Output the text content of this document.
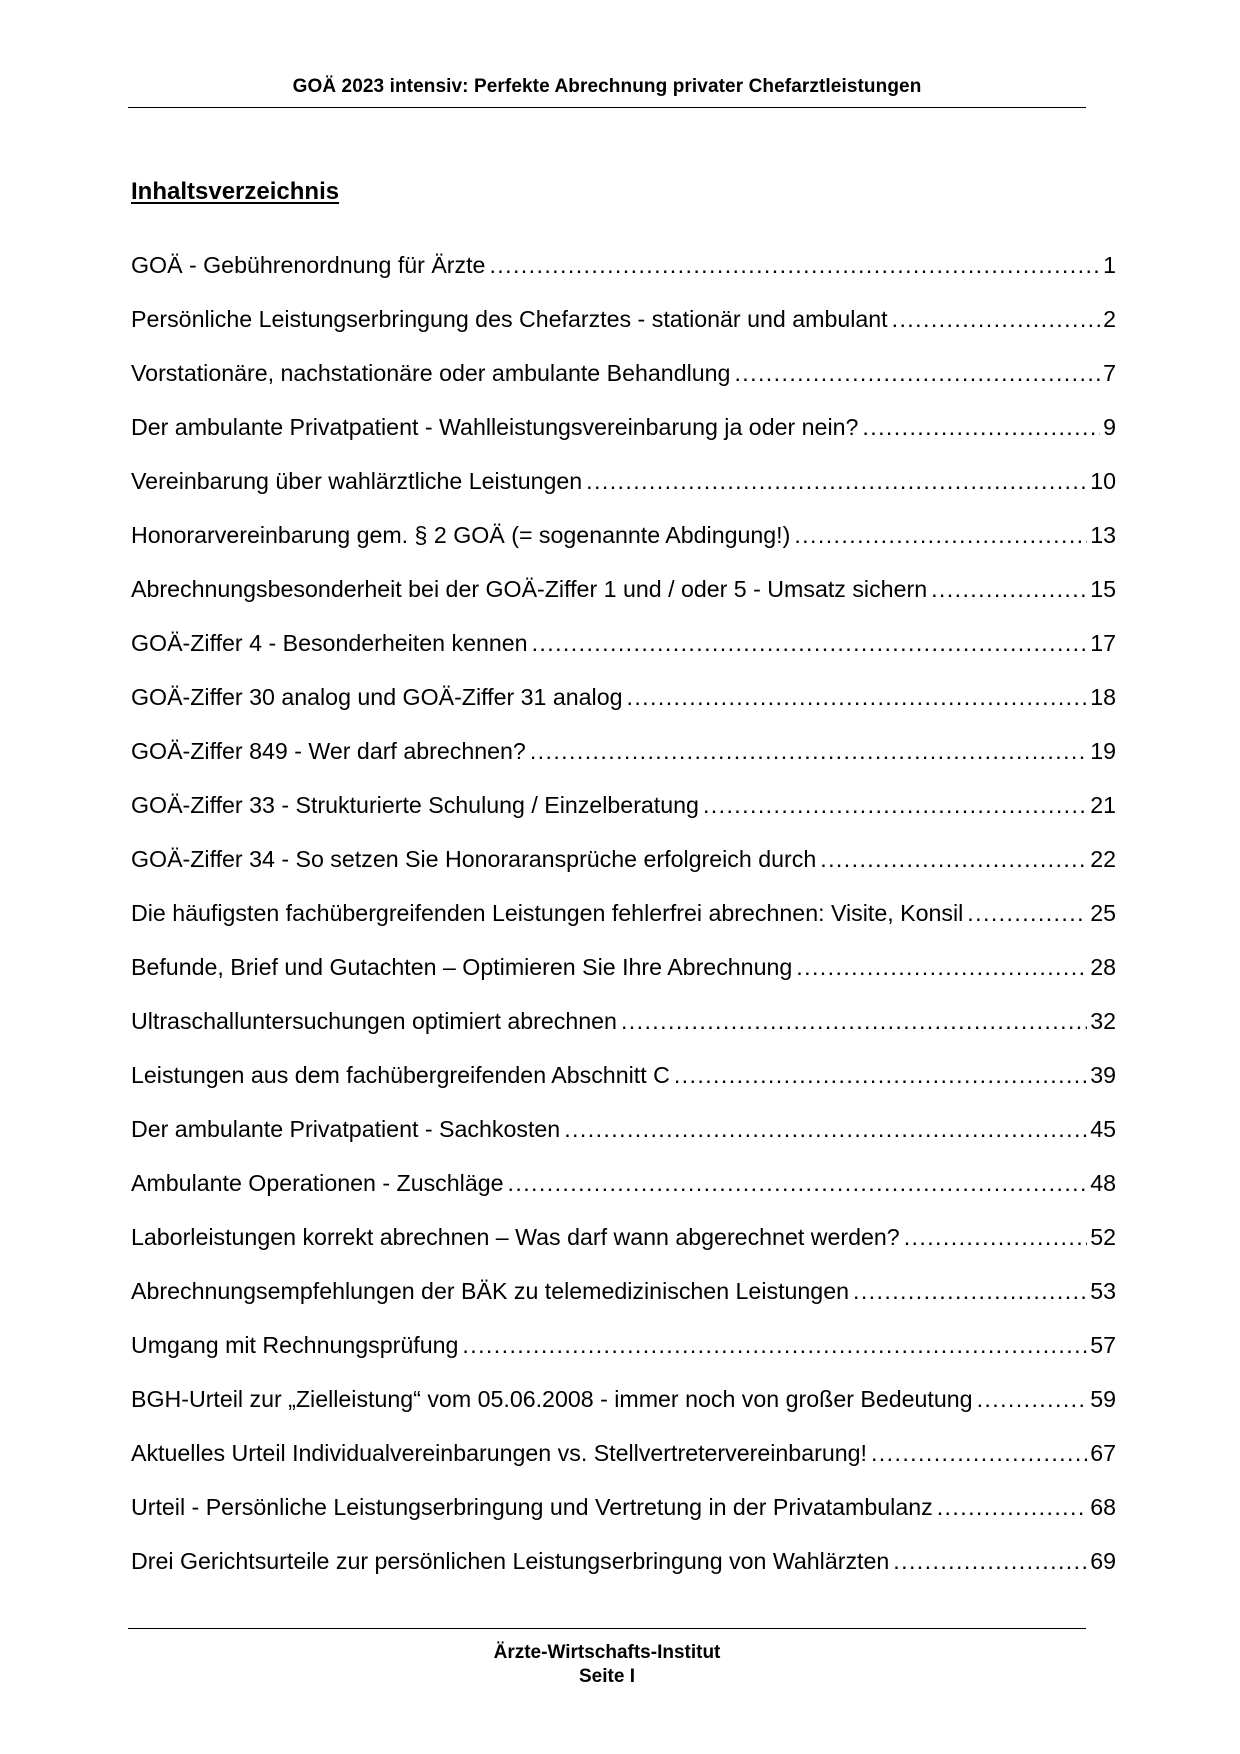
GOÄ 2023 intensiv: Perfekte Abrechnung privater Chefarztleistungen
Inhaltsverzeichnis
GOÄ - Gebührenordnung für Ärzte .....	1
Persönliche Leistungserbringung des Chefarztes - stationär und ambulant .....	2
Vorstationäre, nachstationäre oder ambulante Behandlung .....	7
Der ambulante Privatpatient - Wahlleistungsvereinbarung ja oder nein? .....	9
Vereinbarung über wahlärztliche Leistungen .....	10
Honorarvereinbarung gem. § 2 GOÄ (= sogenannte Abdingung!) .....	13
Abrechnungsbesonderheit bei der GOÄ-Ziffer 1 und / oder 5 - Umsatz sichern .....	15
GOÄ-Ziffer 4 - Besonderheiten kennen .....	17
GOÄ-Ziffer 30 analog und GOÄ-Ziffer 31 analog .....	18
GOÄ-Ziffer 849 - Wer darf abrechnen? .....	19
GOÄ-Ziffer 33 - Strukturierte Schulung / Einzelberatung .....	21
GOÄ-Ziffer 34 - So setzen Sie Honoraransprüche erfolgreich durch .....	22
Die häufigsten fachübergreifenden Leistungen fehlerfrei abrechnen: Visite, Konsil .....	25
Befunde, Brief und Gutachten – Optimieren Sie Ihre Abrechnung .....	28
Ultraschalluntersuchungen optimiert abrechnen .....	32
Leistungen aus dem fachübergreifenden Abschnitt C .....	39
Der ambulante Privatpatient - Sachkosten .....	45
Ambulante Operationen - Zuschläge .....	48
Laborleistungen korrekt abrechnen – Was darf wann abgerechnet werden? .....	52
Abrechnungsempfehlungen der BÄK zu telemedizinischen Leistungen .....	53
Umgang mit Rechnungsprüfung .....	57
BGH-Urteil zur „Zielleistung“ vom 05.06.2008 - immer noch von großer Bedeutung .....	59
Aktuelles Urteil Individualvereinbarungen vs. Stellvertretervereinbarung! .....	67
Urteil - Persönliche Leistungserbringung und Vertretung in der Privatambulanz .....	68
Drei Gerichtsurteile zur persönlichen Leistungserbringung von Wahlärzten .....	69
Ärzte-Wirtschafts-Institut
Seite I
